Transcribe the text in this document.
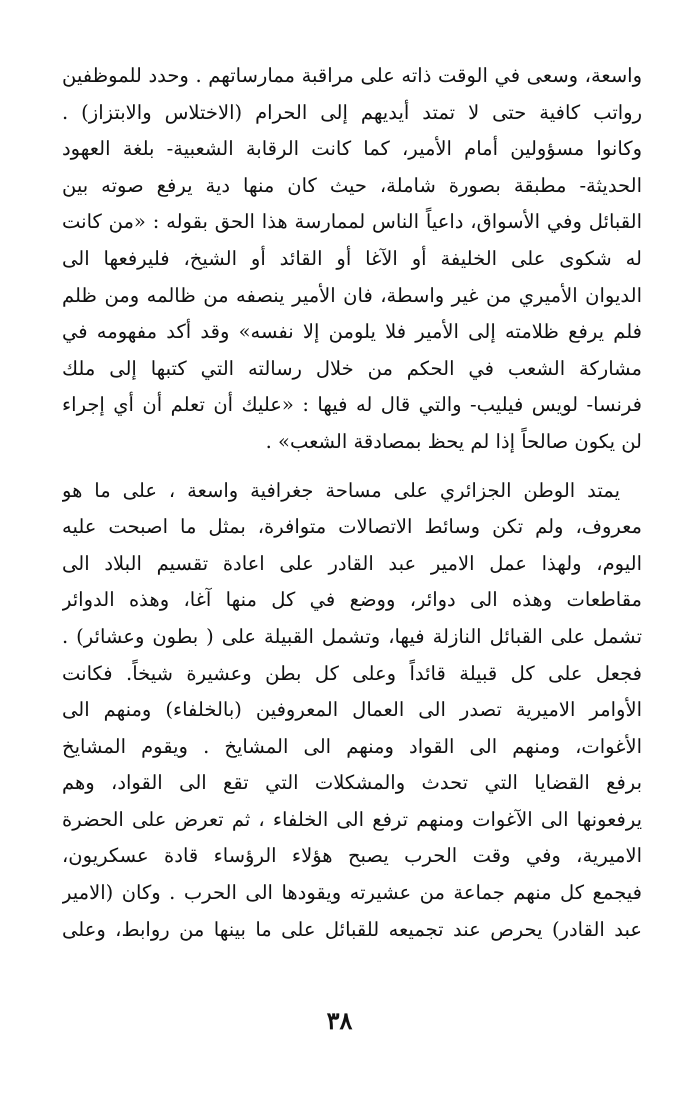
واسعة، وسعى في الوقت ذاته على مراقبة ممارساتهم . وحدد للموظفين
رواتب كافية حتى لا تمتد أيديهم إلى الحرام (الاختلاس والابتزاز) .
وكانوا مسؤولين أمام الأمير، كما كانت الرقابة الشعبية- بلغة العهود
الحديثة- مطبقة بصورة شاملة، حيث كان منها دية يرفع صوته بين
القبائل وفي الأسواق، داعياً الناس لممارسة هذا الحق بقوله : «من كانت
له شكوى على الخليفة أو الآغا أو القائد أو الشيخ، فليرفعها الى
الديوان الأميري من غير واسطة، فان الأمير ينصفه من ظالمه ومن ظلم
فلم يرفع ظلامته إلى الأمير فلا يلومن إلا نفسه» وقد أكد مفهومه في
مشاركة الشعب في الحكم من خلال رسالته التي كتبها إلى ملك
فرنسا- لويس فيليب- والتي قال له فيها : «عليك أن تعلم أن أي إجراء
لن يكون صالحاً إذا لم يحظ بمصادقة الشعب» .
يمتد الوطن الجزائري على مساحة جغرافية واسعة ، على ما هو
معروف، ولم تكن وسائط الاتصالات متوافرة، بمثل ما اصبحت عليه
اليوم، ولهذا عمل الامير عبد القادر على اعادة تقسيم البلاد الى
مقاطعات وهذه الى دوائر، ووضع في كل منها آغا، وهذه الدوائر
تشمل على القبائل النازلة فيها، وتشمل القبيلة على ( بطون وعشائر) .
فجعل على كل قبيلة قائداً وعلى كل بطن وعشيرة شيخاً. فكانت
الأوامر الاميرية تصدر الى العمال المعروفين (بالخلفاء) ومنهم الى
الأغوات، ومنهم الى القواد ومنهم الى المشايخ . ويقوم المشايخ
برفع القضايا التي تحدث والمشكلات التي تقع الى القواد، وهم
يرفعونها الى الآغوات ومنهم ترفع الى الخلفاء ، ثم تعرض على الحضرة
الاميرية، وفي وقت الحرب يصبح هؤلاء الرؤساء قادة عسكريون،
فيجمع كل منهم جماعة من عشيرته ويقودها الى الحرب . وكان (الامير
عبد القادر) يحرص عند تجميعه للقبائل على ما بينها من روابط، وعلى
٣٨
